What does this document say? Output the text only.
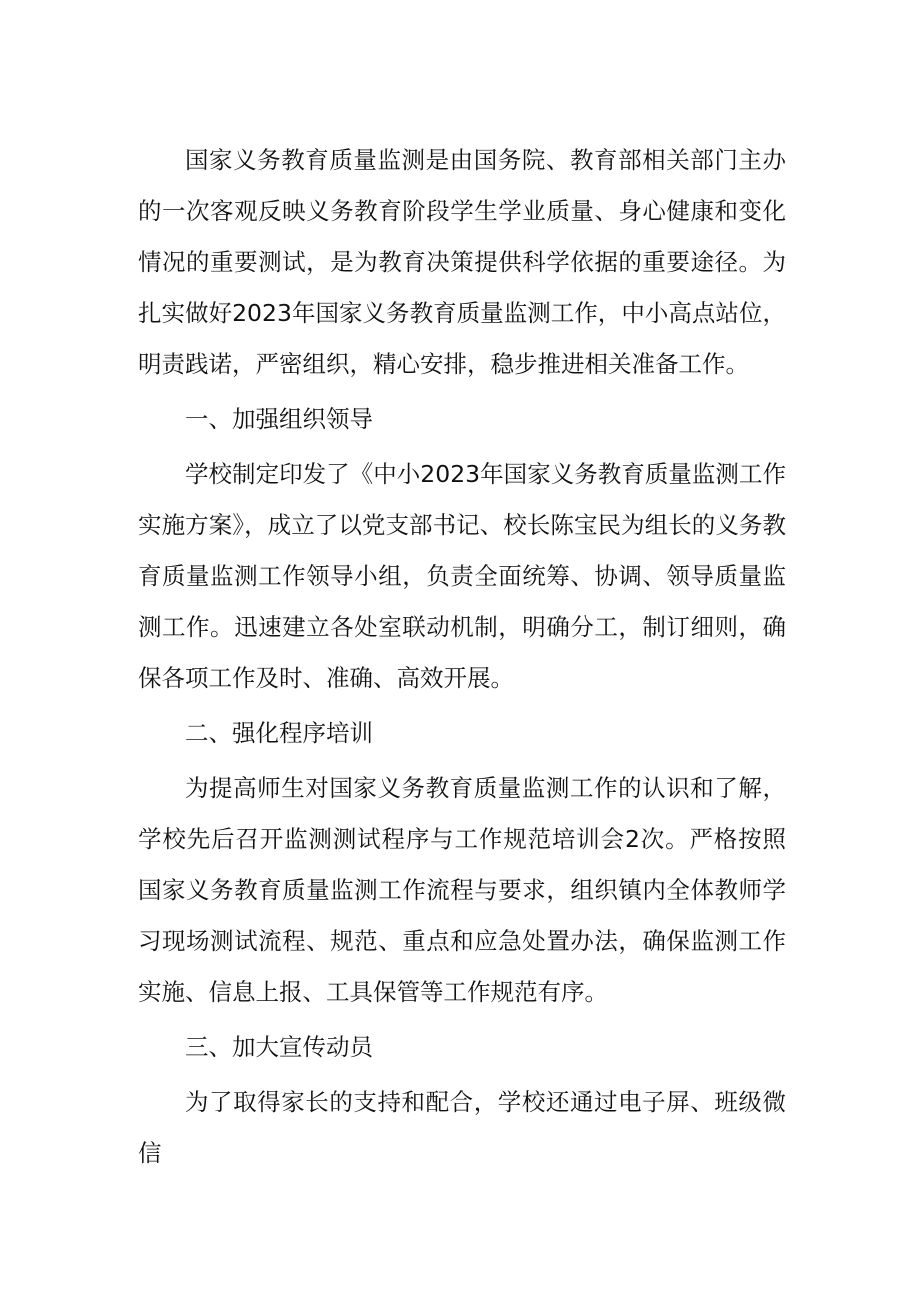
国家义务教育质量监测是由国务院、教育部相关部门主办的一次客观反映义务教育阶段学生学业质量、身心健康和变化情况的重要测试，是为教育决策提供科学依据的重要途径。为扎实做好2023年国家义务教育质量监测工作，中小高点站位，明责践诺，严密组织，精心安排，稳步推进相关准备工作。

一、加强组织领导

学校制定印发了《中小2023年国家义务教育质量监测工作实施方案》，成立了以党支部书记、校长陈宝民为组长的义务教育质量监测工作领导小组，负责全面统筹、协调、领导质量监测工作。迅速建立各处室联动机制，明确分工，制订细则，确保各项工作及时、准确、高效开展。

二、强化程序培训

为提高师生对国家义务教育质量监测工作的认识和了解，学校先后召开监测测试程序与工作规范培训会2次。严格按照国家义务教育质量监测工作流程与要求，组织镇内全体教师学习现场测试流程、规范、重点和应急处置办法，确保监测工作实施、信息上报、工具保管等工作规范有序。

三、加大宣传动员

为了取得家长的支持和配合，学校还通过电子屏、班级微信
